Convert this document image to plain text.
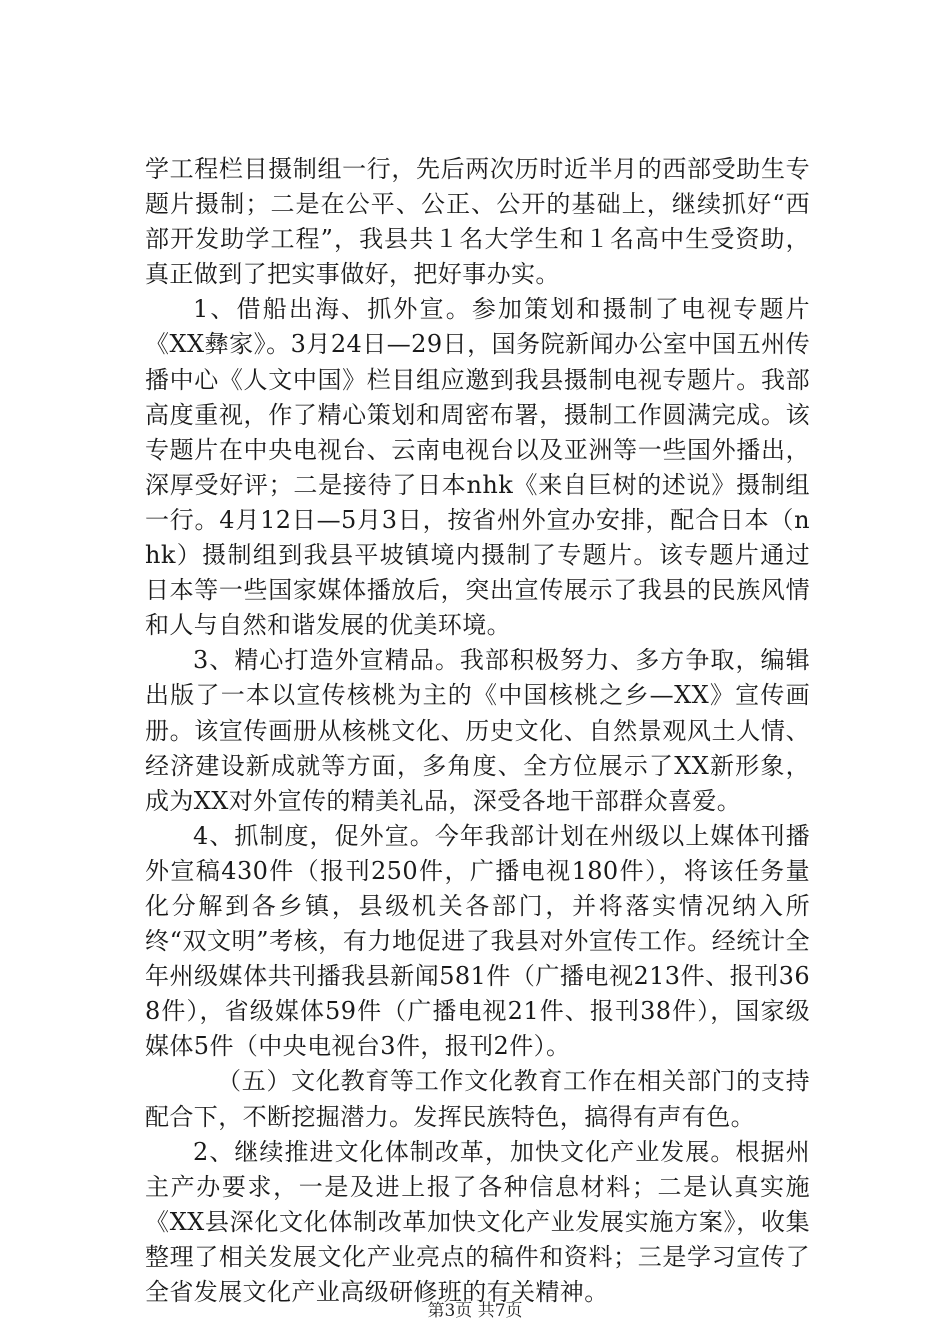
学工程栏目摄制组一行，先后两次历时近半月的西部受助生专题片摄制；二是在公平、公正、公开的基础上，继续抓好“西部开发助学工程”，我县共１名大学生和１名高中生受资助，真正做到了把实事做好，把好事办实。

1、借船出海、抓外宣。参加策划和摄制了电视专题片《XX彝家》。3月24日—29日，国务院新闻办公室中国五州传播中心《人文中国》栏目组应邀到我县摄制电视专题片。我部高度重视，作了精心策划和周密布署，摄制工作圆满完成。该专题片在中央电视台、云南电视台以及亚洲等一些国外播出，深厚受好评；二是接待了日本nhk《来自巨树的述说》摄制组一行。4月12日—5月3日，按省州外宣办安排，配合日本（nhk）摄制组到我县平坡镇境内摄制了专题片。该专题片通过日本等一些国家媒体播放后，突出宣传展示了我县的民族风情和人与自然和谐发展的优美环境。

3、精心打造外宣精品。我部积极努力、多方争取，编辑出版了一本以宣传核桃为主的《中国核桃之乡—XX》宣传画册。该宣传画册从核桃文化、历史文化、自然景观风土人情、经济建设新成就等方面，多角度、全方位展示了XX新形象，成为XX对外宣传的精美礼品，深受各地干部群众喜爱。

4、抓制度，促外宣。今年我部计划在州级以上媒体刊播外宣稿430件（报刊250件，广播电视180件），将该任务量化分解到各乡镇，县级机关各部门，并将落实情况纳入所终“双文明”考核，有力地促进了我县对外宣传工作。经统计全年州级媒体共刊播我县新闻581件（广播电视213件、报刊368件），省级媒体59件（广播电视21件、报刊38件），国家级媒体5件（中央电视台3件，报刊2件）。

（五）文化教育等工作文化教育工作在相关部门的支持配合下，不断挖掘潜力。发挥民族特色，搞得有声有色。

2、继续推进文化体制改革，加快文化产业发展。根据州主产办要求，一是及进上报了各种信息材料；二是认真实施《XX县深化文化体制改革加快文化产业发展实施方案》，收集整理了相关发展文化产业亮点的稿件和资料；三是学习宣传了全省发展文化产业高级研修班的有关精神。

第3页 共7页
